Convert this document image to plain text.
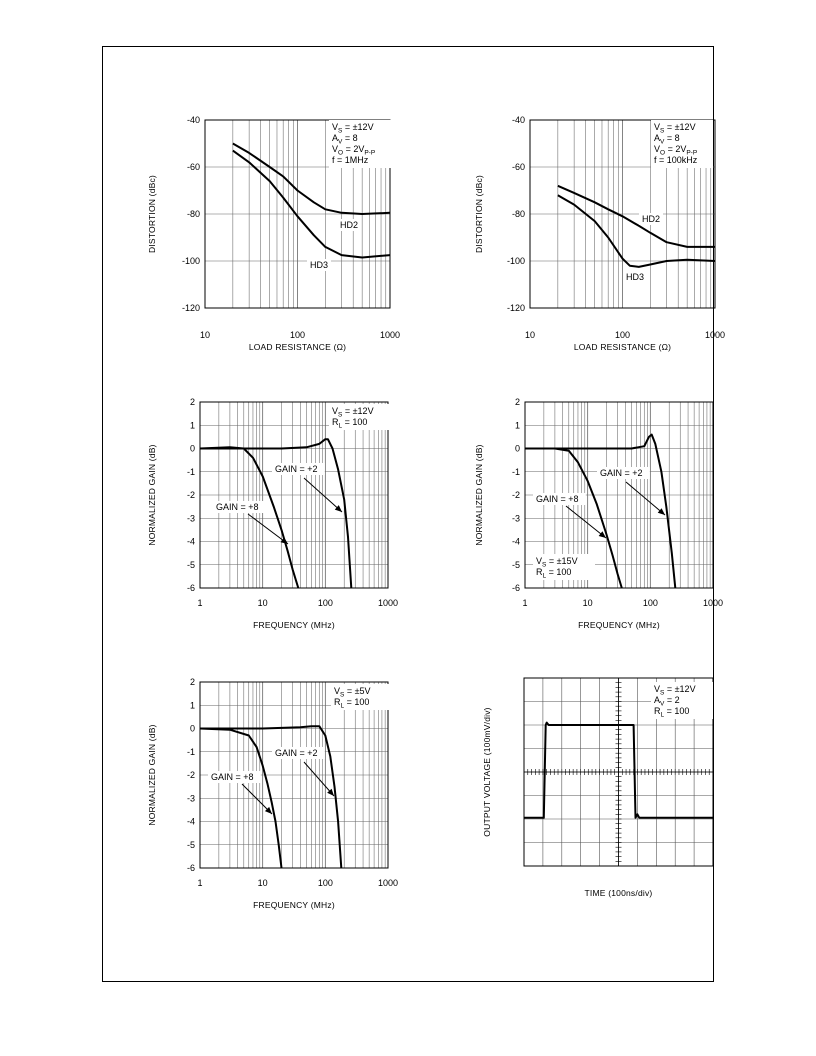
-40
-60
-80
-100
-120
10	100	1000
LOAD RESISTANCE (Ω)
DISTORTION (dBc)	HD2
HD3
$V_S = \pm 12V$
$A_V = 8$
$V_O = 2V_{P-P}$
f = 1MHz
-40
-60
-80
-100
-120
10	100	1000
LOAD RESISTANCE (Ω)
DISTORTION (dBc)	HD2
HD3
$V_S = \pm 12V$
$A_V = 8$
$V_O = 2V_{P-P}$
f = 100kHz
2
1
0
-1
-2
-3
-4
-5
-6
1	10	100	1000
FREQUENCY (MHz)
NORMALIZED GAIN (dB)	GAIN = +2
GAIN = +8
$V_S = \pm 12V$
$R_L = 100$
2
1
0
-1
-2
-3
-4
-5
-6
1	10	100	1000
FREQUENCY (MHz)
NORMALIZED GAIN (dB)	GAIN = +2
GAIN = +8
$V_S = \pm 15V$
$R_L = 100$
2
1
0
-1
-2
-3
-4
-5
-6
1	10	100	1000
FREQUENCY (MHz)
NORMALIZED GAIN (dB)	GAIN = +2
GAIN = +8
$V_S = \pm 5V$
$R_L = 100$
TIME (100ns/div)
OUTPUT VOLTAGE (100mV/div)
$V_S = \pm 12V$
$A_V = 2$
$R_L = 100$
